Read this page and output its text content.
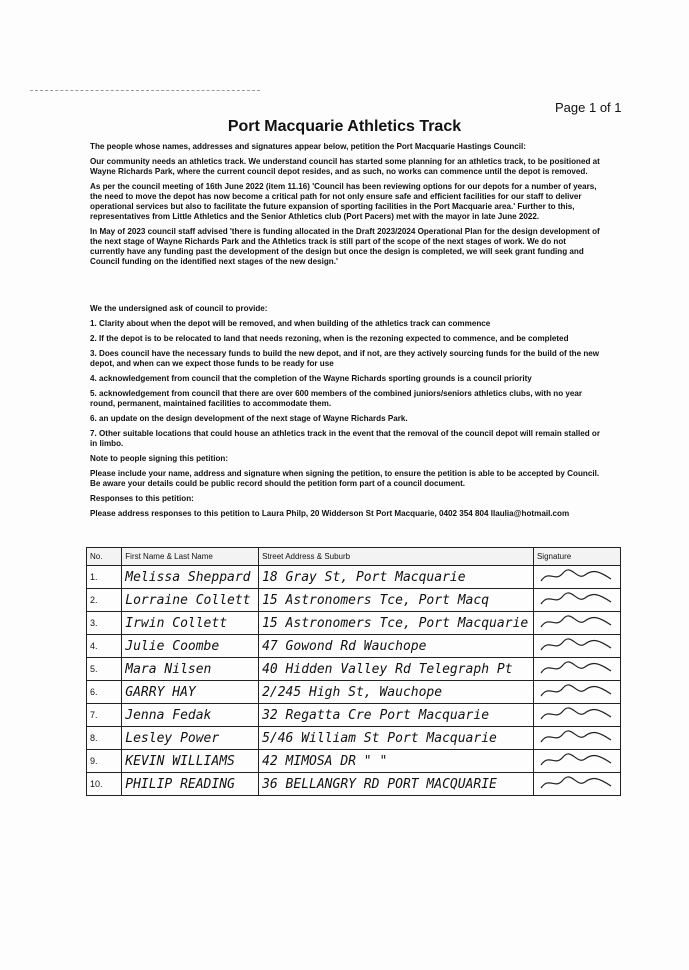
Page 1 of 1
Port Macquarie Athletics Track

The people whose names, addresses and signatures appear below, petition the Port Macquarie Hastings Council:

Our community needs an athletics track. We understand council has started some planning for an athletics track, to be positioned at Wayne Richards Park, where the current council depot resides, and as such, no works can commence until the depot is removed.

As per the council meeting of 16th June 2022 (item 11.16) 'Council has been reviewing options for our depots for a number of years, the need to move the depot has now become a critical path for not only ensure safe and efficient facilities for our staff to deliver operational services but also to facilitate the future expansion of sporting facilities in the Port Macquarie area.' Further to this, representatives from Little Athletics and the Senior Athletics club (Port Pacers) met with the mayor in late June 2022.

In May of 2023 council staff advised 'there is funding allocated in the Draft 2023/2024 Operational Plan for the design development of the next stage of Wayne Richards Park and the Athletics track is still part of the scope of the next stages of work. We do not currently have any funding past the development of the design but once the design is completed, we will seek grant funding and Council funding on the identified next stages of the new design.'

We the undersigned ask of council to provide:

1. Clarity about when the depot will be removed, and when building of the athletics track can commence

2. If the depot is to be relocated to land that needs rezoning, when is the rezoning expected to commence, and be completed

3. Does council have the necessary funds to build the new depot, and if not, are they actively sourcing funds for the build of the new depot, and when can we expect those funds to be ready for use

4. acknowledgement from council that the completion of the Wayne Richards sporting grounds is a council priority

5. acknowledgement from council that there are over 600 members of the combined juniors/seniors athletics clubs, with no year round, permanent, maintained facilities to accommodate them.

6. an update on the design development of the next stage of Wayne Richards Park.

7. Other suitable locations that could house an athletics track in the event that the removal of the council depot will remain stalled or in limbo.

Note to people signing this petition:

Please include your name, address and signature when signing the petition, to ensure the petition is able to be accepted by Council. Be aware your details could be public record should the petition form part of a council document.

Responses to this petition:

Please address responses to this petition to Laura Philp, 20 Widderson St Port Macquarie, 0402 354 804 llaulia@hotmail.com

No.	First Name & Last Name	Street Address & Suburb	Signature
1.	Melissa Sheppard	18 Gray St, Port Macquarie	
2.	Lorraine Collett	15 Astronomers Tce, Port Macq	
3.	Irwin Collett	15 Astronomers Tce, Port Macquarie	
4.	Julie Coombe	47 Gowond Rd Wauchope	
5.	Mara Nilsen	40 Hidden Valley Rd Telegraph Pt	
6.	GARRY HAY	2/245 High St, Wauchope	
7.	Jenna Fedak	32 Regatta Cre Port Macquarie	
8.	Lesley Power	5/46 William St Port Macquarie	
9.	KEVIN WILLIAMS	42 MIMOSA DR " "	
10.	PHILIP READING	36 BELLANGRY RD PORT MACQUARIE	
